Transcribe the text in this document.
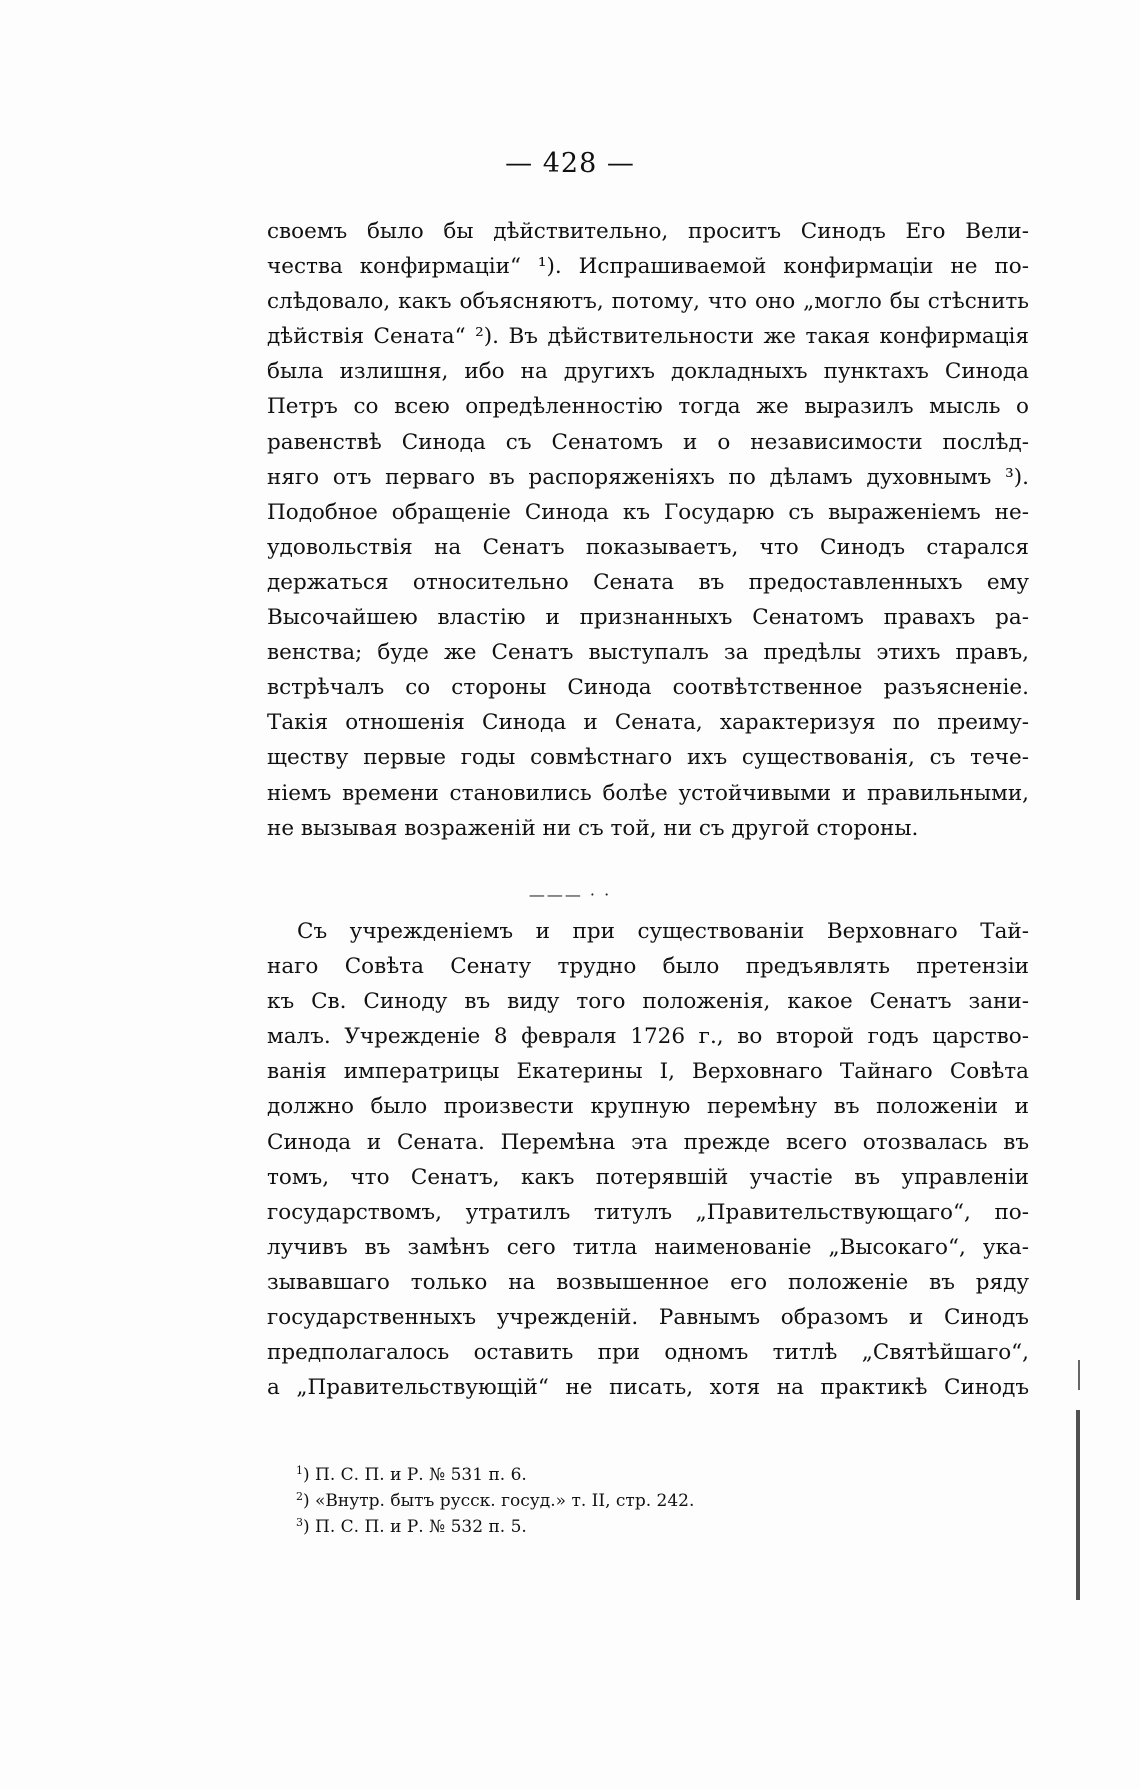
— 428 —
своемъ было бы дѣйствительно, проситъ Синодъ Его Вели-
чества конфирмаціи“ ¹). Испрашиваемой конфирмаціи не по-
слѣдовало, какъ объясняютъ, потому, что оно „могло бы стѣснить
дѣйствія Сената“ ²). Въ дѣйствительности же такая конфирмація
была излишня, ибо на другихъ докладныхъ пунктахъ Синода
Петръ со всею опредѣленностію тогда же выразилъ мысль о
равенствѣ Синода съ Сенатомъ и о независимости послѣд-
няго отъ перваго въ распоряженіяхъ по дѣламъ духовнымъ ³).
Подобное обращеніе Синода къ Государю съ выраженіемъ не-
удовольствія на Сенатъ показываетъ, что Синодъ старался
держаться относительно Сената въ предоставленныхъ ему
Высочайшею властію и признанныхъ Сенатомъ правахъ ра-
венства; буде же Сенатъ выступалъ за предѣлы этихъ правъ,
встрѣчалъ со стороны Синода соотвѣтственное разъясненіе.
Такія отношенія Синода и Сената, характеризуя по преиму-
ществу первые годы совмѣстнаго ихъ существованія, съ тече-
ніемъ времени становились болѣе устойчивыми и правильными,
не вызывая возраженій ни съ той, ни съ другой стороны.
——— · ·
Съ учрежденіемъ и при существованіи Верховнаго Тай-
наго Совѣта Сенату трудно было предъявлять претензіи
къ Св. Синоду въ виду того положенія, какое Сенатъ зани-
малъ. Учрежденіе 8 февраля 1726 г., во второй годъ царство-
ванія императрицы Екатерины I, Верховнаго Тайнаго Совѣта
должно было произвести крупную перемѣну въ положеніи и
Синода и Сената. Перемѣна эта прежде всего отозвалась въ
томъ, что Сенатъ, какъ потерявшій участіе въ управленіи
государствомъ, утратилъ титулъ „Правительствующаго“, по-
лучивъ въ замѣнъ сего титла наименованіе „Высокаго“, ука-
зывавшаго только на возвышенное его положеніе въ ряду
государственныхъ учрежденій. Равнымъ образомъ и Синодъ
предполагалось оставить при одномъ титлѣ „Святѣйшаго“,
а „Правительствующій“ не писать, хотя на практикѣ Синодъ
$^1$) П. С. П. и Р. № 531 п. 6.
$^2$) «Внутр. бытъ русск. госуд.» т. II, стр. 242.
$^3$) П. С. П. и Р. № 532 п. 5.
